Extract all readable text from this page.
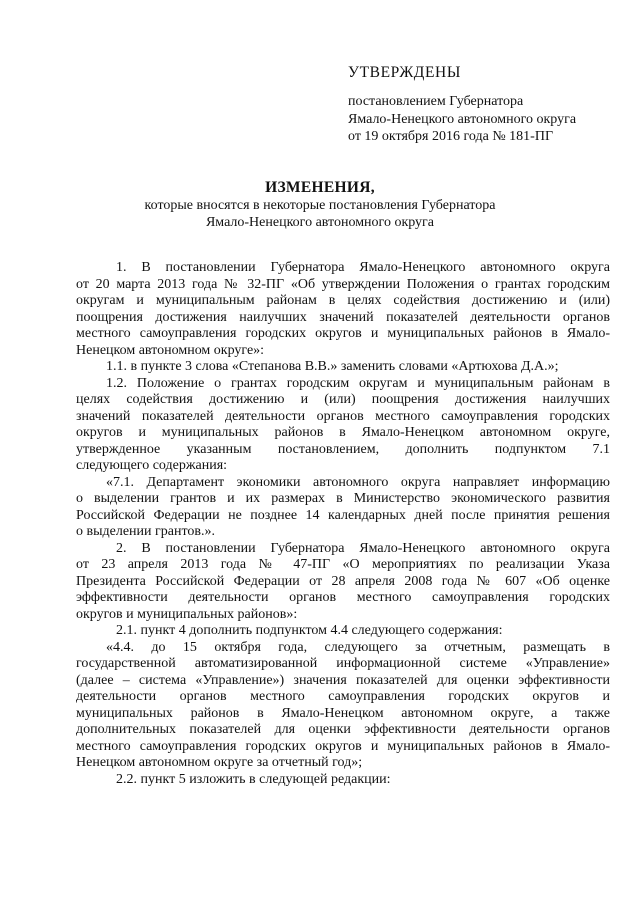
УТВЕРЖДЕНЫ
постановлением Губернатора
Ямало-Ненецкого автономного округа
от 19 октября 2016 года № 181-ПГ
ИЗМЕНЕНИЯ,
которые вносятся в некоторые постановления Губернатора
Ямало-Ненецкого автономного округа
1. В постановлении Губернатора Ямало-Ненецкого автономного округа
от 20 марта 2013 года № 32-ПГ «Об утверждении Положения о грантах городским
округам и муниципальным районам в целях содействия достижению и (или)
поощрения достижения наилучших значений показателей деятельности органов
местного самоуправления городских округов и муниципальных районов в Ямало-
Ненецком автономном округе»:
1.1. в пункте 3 слова «Степанова В.В.» заменить словами «Артюхова Д.А.»;
1.2. Положение о грантах городским округам и муниципальным районам в
целях содействия достижению и (или) поощрения достижения наилучших
значений показателей деятельности органов местного самоуправления городских
округов и муниципальных районов в Ямало-Ненецком автономном округе,
утвержденное указанным постановлением, дополнить подпунктом 7.1
следующего содержания:
«7.1. Департамент экономики автономного округа направляет информацию
о выделении грантов и их размерах в Министерство экономического развития
Российской Федерации не позднее 14 календарных дней после принятия решения
о выделении грантов.».
2. В постановлении Губернатора Ямало-Ненецкого автономного округа
от 23 апреля 2013 года № 47-ПГ «О мероприятиях по реализации Указа
Президента Российской Федерации от 28 апреля 2008 года № 607 «Об оценке
эффективности деятельности органов местного самоуправления городских
округов и муниципальных районов»:
2.1. пункт 4 дополнить подпунктом 4.4 следующего содержания:
«4.4. до 15 октября года, следующего за отчетным, размещать в
государственной автоматизированной информационной системе «Управление»
(далее – система «Управление») значения показателей для оценки эффективности
деятельности органов местного самоуправления городских округов и
муниципальных районов в Ямало-Ненецком автономном округе, а также
дополнительных показателей для оценки эффективности деятельности органов
местного самоуправления городских округов и муниципальных районов в Ямало-
Ненецком автономном округе за отчетный год»;
2.2. пункт 5 изложить в следующей редакции:
